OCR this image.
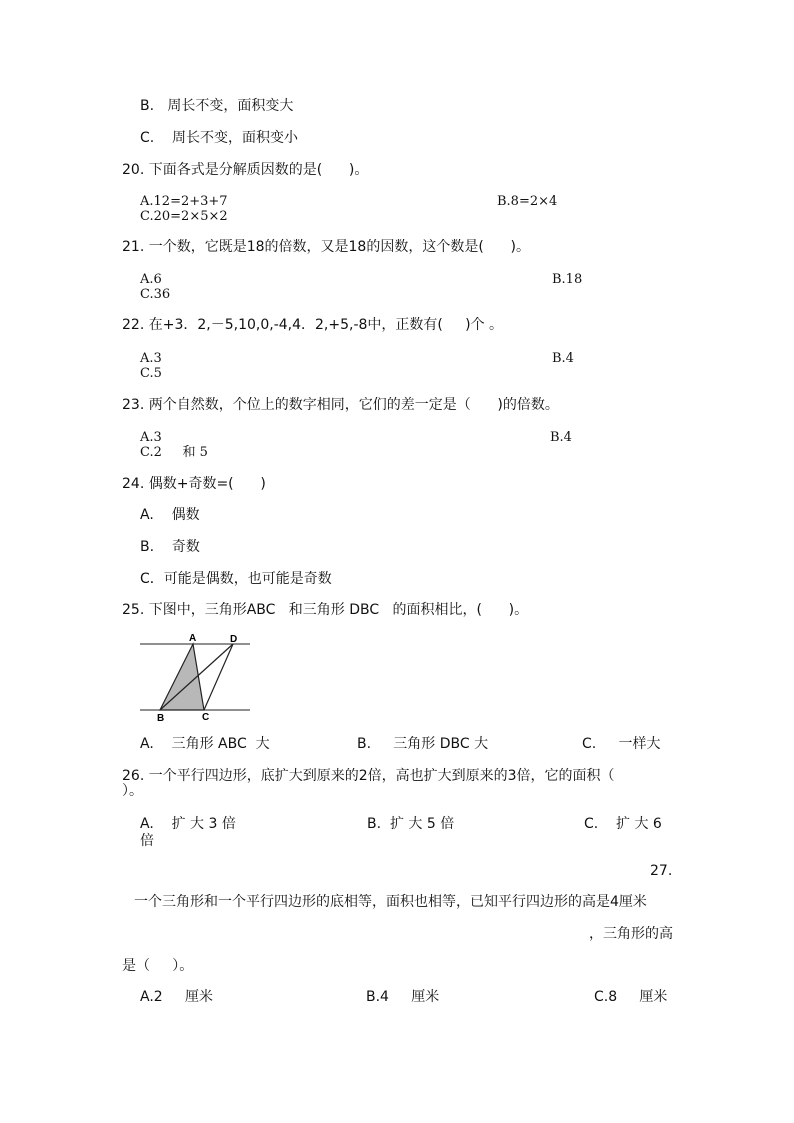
B.   周长不变，面积变大
C.    周长不变，面积变小
20. 下面各式是分解质因数的是(      )。
A.12=2+3+7	B.8=2×4
C.20=2×5×2
21. 一个数，它既是18的倍数，又是18的因数，这个数是(      )。
A.6	B.18
C.36
22. 在+3．2,－5,10,0,-4,4．2,+5,-8中，正数有(     )个 。
A.3	B.4
C.5
23. 两个自然数，个位上的数字相同，它们的差一定是（      )的倍数。
A.3	B.4
C.2     和 5
24. 偶数+奇数=(      )
A.    偶数
B.    奇数
C．可能是偶数，也可能是奇数
25. 下图中，三角形ABC   和三角形 DBC   的面积相比，(      )。
A	D
B	C
A.    三角形 ABC  大	B.     三角形 DBC 大	C.     一样大
26. 一个平行四边形，底扩大到原来的2倍，高也扩大到原来的3倍，它的面积（
）。
A.    扩 大 3 倍	B.  扩 大 5 倍	C.    扩 大 6
倍
27.
一个三角形和一个平行四边形的底相等，面积也相等，已知平行四边形的高是4厘米
，三角形的高
是（     ）。
A.2     厘米	B.4     厘米	C.8     厘米
